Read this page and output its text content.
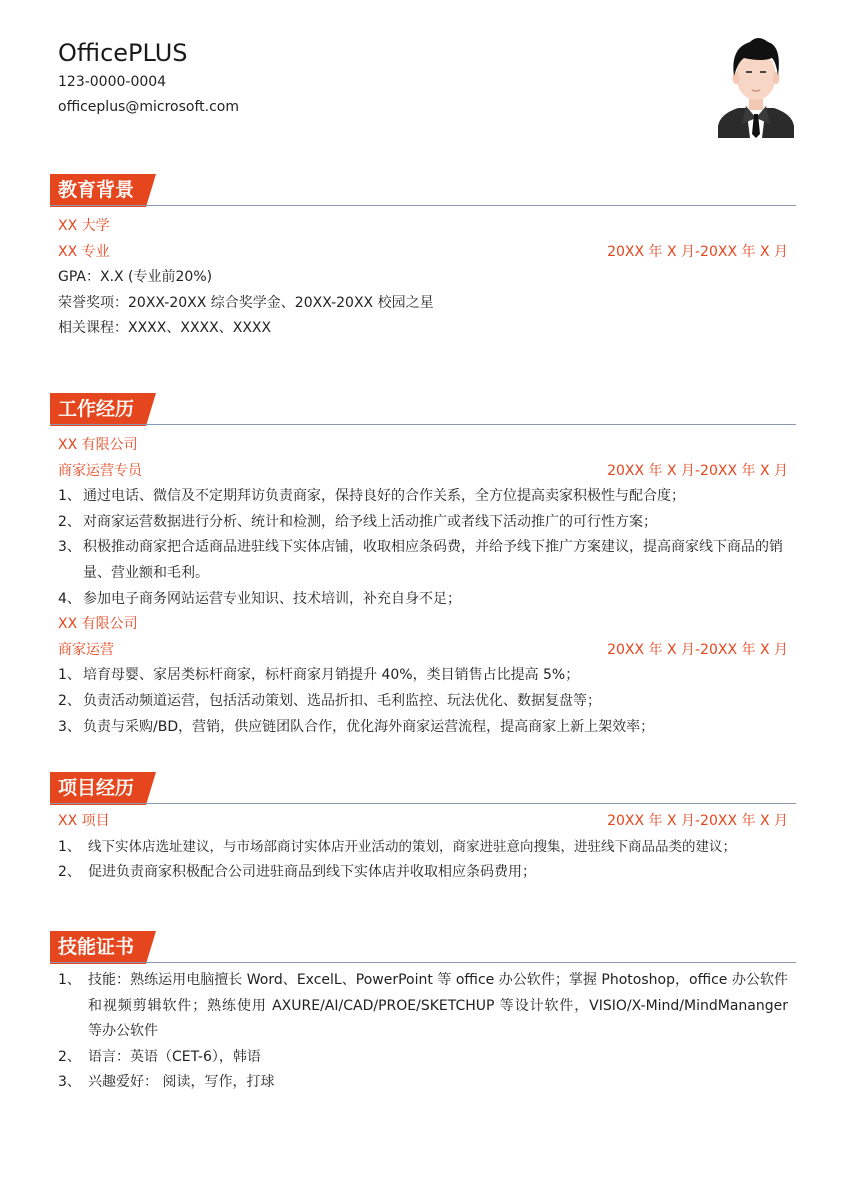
OfficePLUS
123-0000-0004
officeplus@microsoft.com
教育背景
XX 大学
XX 专业	20XX 年 X 月-20XX 年 X 月
GPA：X.X (专业前20%)
荣誉奖项：20XX-20XX 综合奖学金、20XX-20XX 校园之星
相关课程：XXXX、XXXX、XXXX
工作经历
XX 有限公司
商家运营专员	20XX 年 X 月-20XX 年 X 月
1、 通过电话、微信及不定期拜访负责商家，保持良好的合作关系，全方位提高卖家积极性与配合度；
2、 对商家运营数据进行分析、统计和检测，给予线上活动推广或者线下活动推广的可行性方案；
3、 积极推动商家把合适商品进驻线下实体店铺，收取相应条码费，并给予线下推广方案建议，提高商家线下商品的销量、营业额和毛利。
4、 参加电子商务网站运营专业知识、技术培训，补充自身不足；
XX 有限公司
商家运营	20XX 年 X 月-20XX 年 X 月
1、 培育母婴、家居类标杆商家，标杆商家月销提升 40%，类目销售占比提高 5%；
2、 负责活动频道运营，包括活动策划、选品折扣、毛利监控、玩法优化、数据复盘等；
3、 负责与采购/BD，营销，供应链团队合作，优化海外商家运营流程，提高商家上新上架效率；
项目经历
XX 项目	20XX 年 X 月-20XX 年 X 月
1、 线下实体店选址建议，与市场部商讨实体店开业活动的策划，商家进驻意向搜集，进驻线下商品品类的建议；
2、 促进负责商家积极配合公司进驻商品到线下实体店并收取相应条码费用；
技能证书
1、 技能：熟练运用电脑擅长 Word、ExcelL、PowerPoint 等 office 办公软件；掌握 Photoshop，office 办公软件和视频剪辑软件；熟练使用 AXURE/AI/CAD/PROE/SKETCHUP 等设计软件，VISIO/X-Mind/MindMananger 等办公软件
2、 语言：英语（CET-6），韩语
3、 兴趣爱好： 阅读，写作，打球
